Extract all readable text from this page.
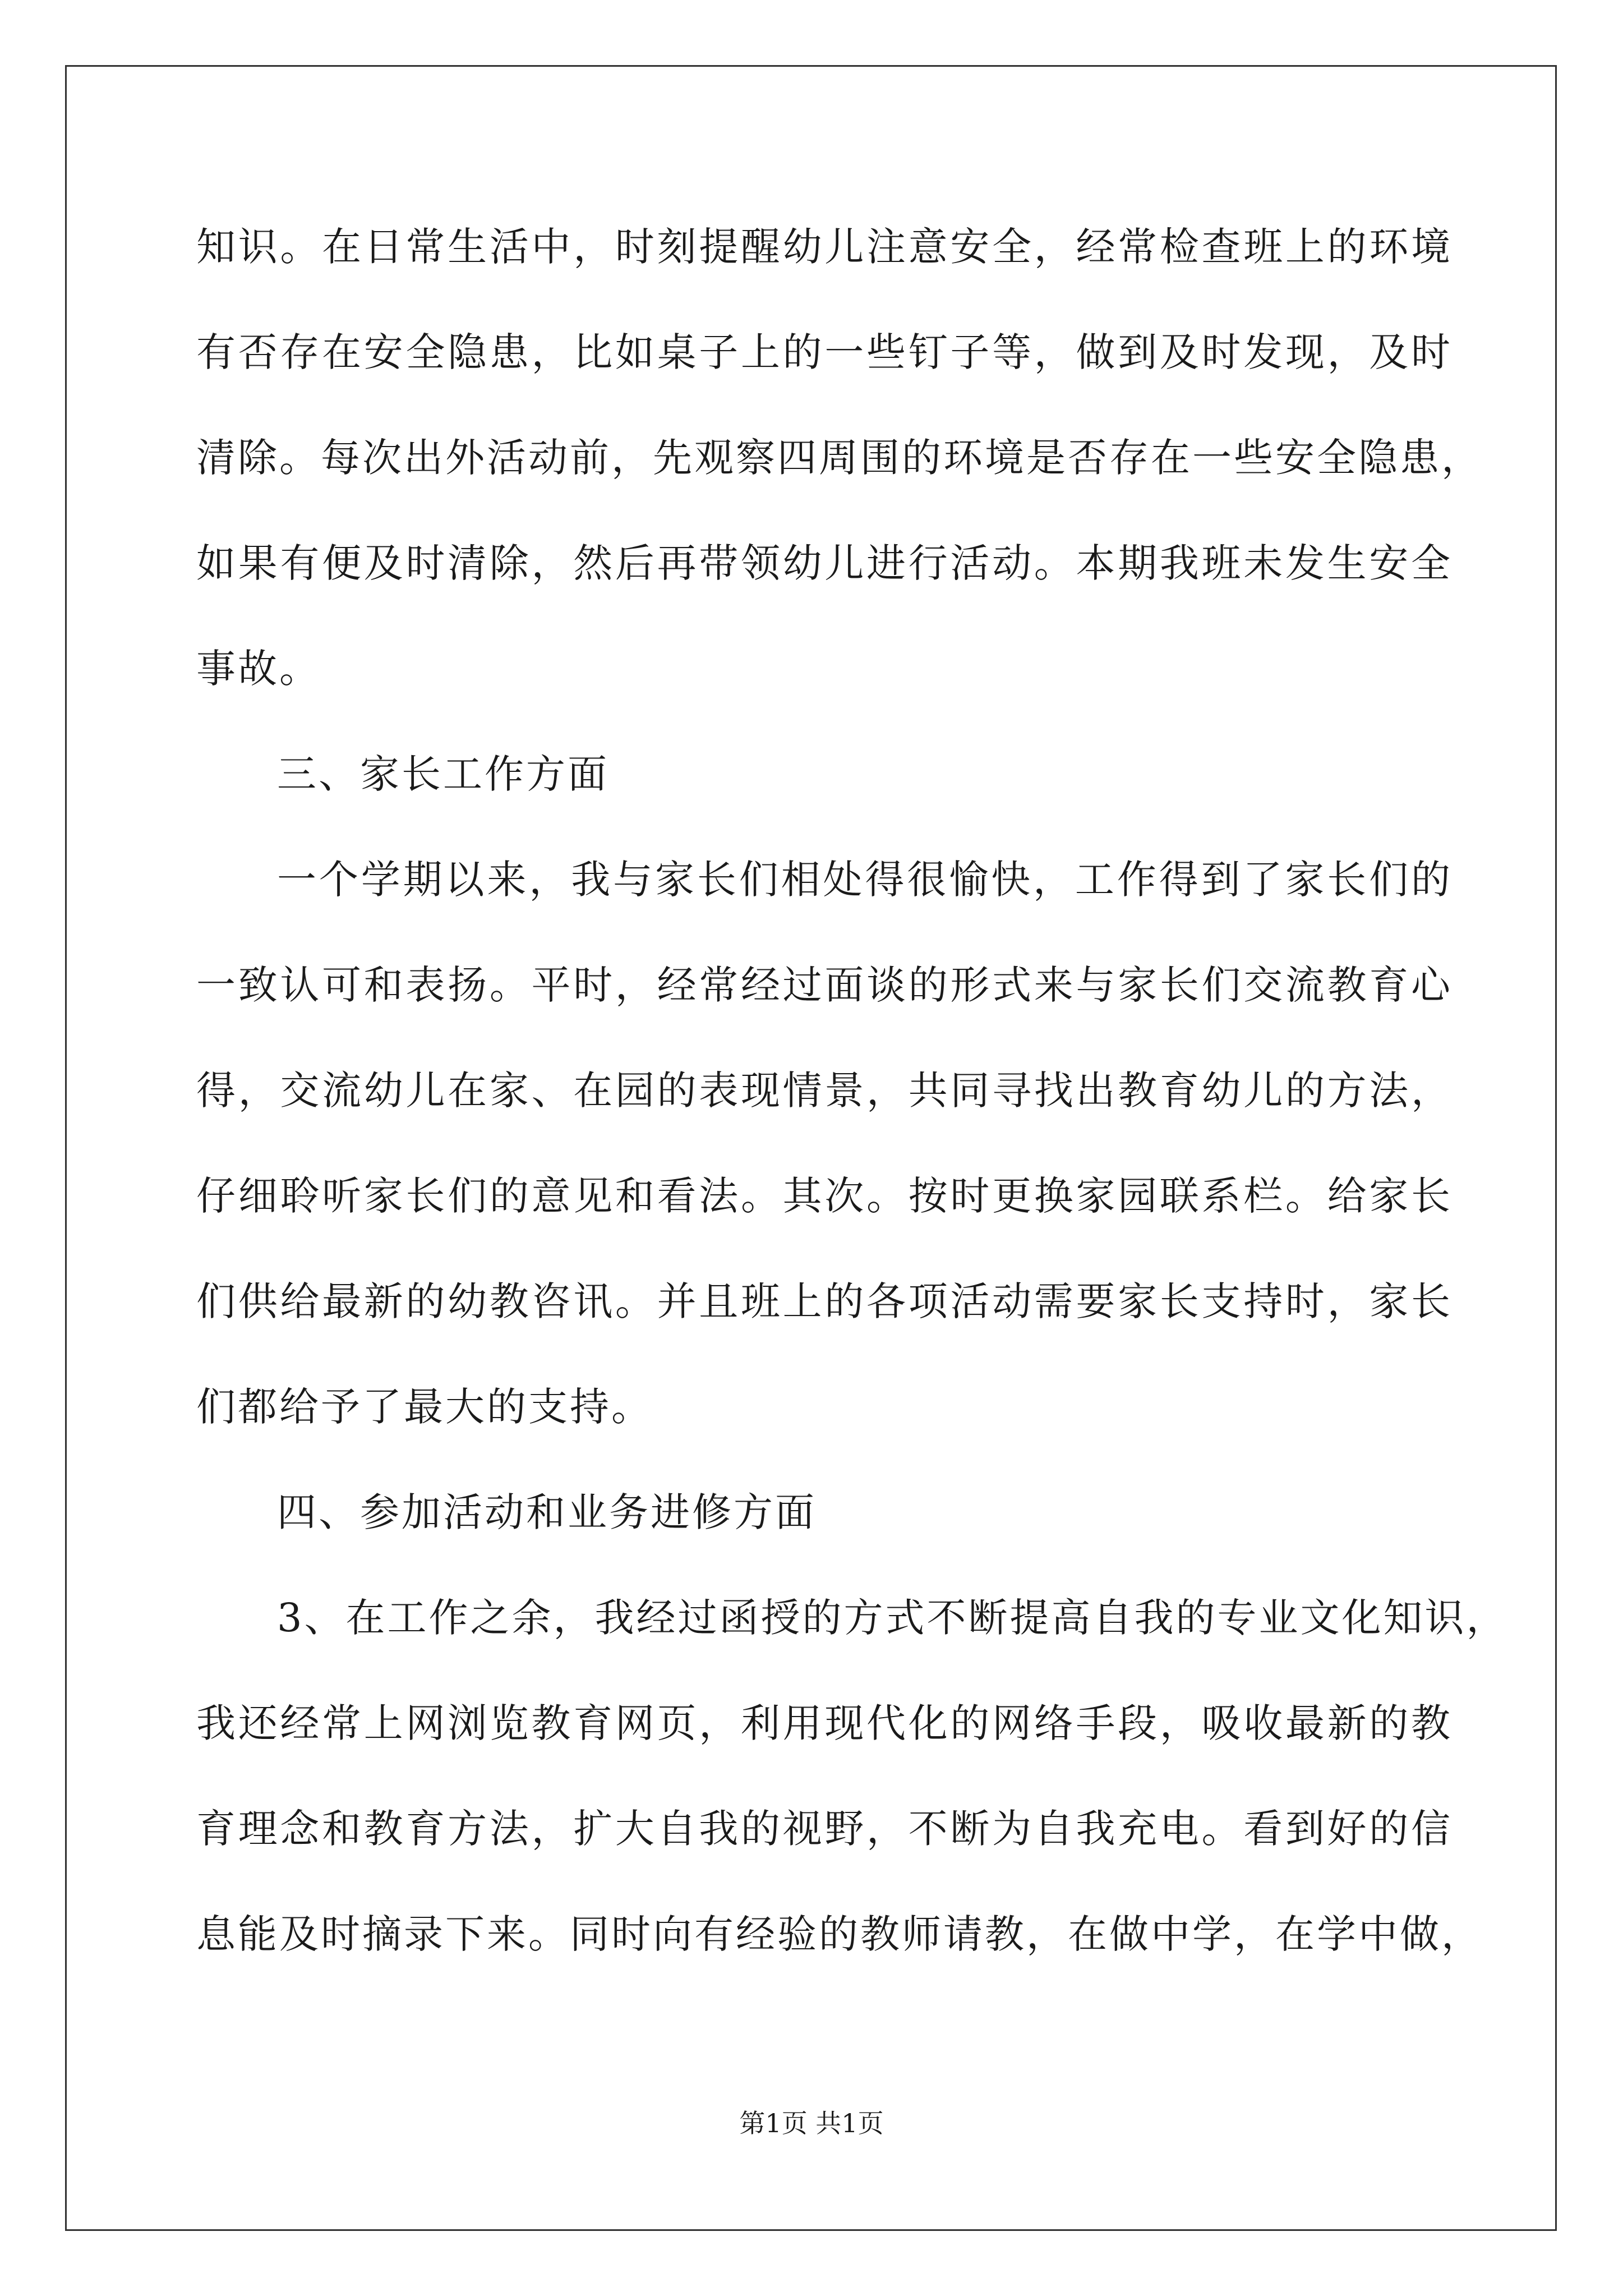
知识。在日常生活中，时刻提醒幼儿注意安全，经常检查班上的环境
有否存在安全隐患，比如桌子上的一些钉子等，做到及时发现，及时
清除。每次出外活动前，先观察四周围的环境是否存在一些安全隐患，
如果有便及时清除，然后再带领幼儿进行活动。本期我班未发生安全
事故。
三、家长工作方面
一个学期以来，我与家长们相处得很愉快，工作得到了家长们的
一致认可和表扬。平时，经常经过面谈的形式来与家长们交流教育心
得，交流幼儿在家、在园的表现情景，共同寻找出教育幼儿的方法，
仔细聆听家长们的意见和看法。其次。按时更换家园联系栏。给家长
们供给最新的幼教咨讯。并且班上的各项活动需要家长支持时，家长
们都给予了最大的支持。
四、参加活动和业务进修方面
3、在工作之余，我经过函授的方式不断提高自我的专业文化知识，
我还经常上网浏览教育网页，利用现代化的网络手段，吸收最新的教
育理念和教育方法，扩大自我的视野，不断为自我充电。看到好的信
息能及时摘录下来。同时向有经验的教师请教，在做中学，在学中做，
第1页 共1页
